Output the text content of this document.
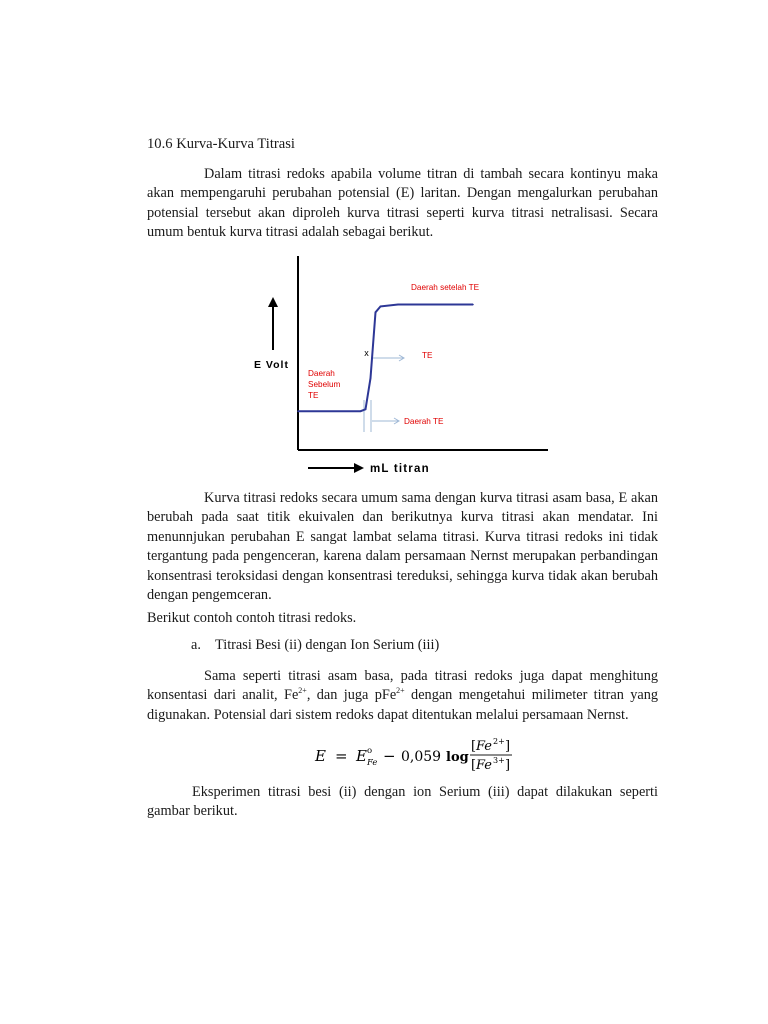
10.6 Kurva-Kurva Titrasi

Dalam titrasi redoks apabila volume titran di tambah secara kontinyu maka akan mempengaruhi perubahan potensial (E) laritan. Dengan mengalurkan perubahan potensial tersebut akan diproleh kurva titrasi seperti kurva titrasi netralisasi. Secara umum bentuk kurva titrasi adalah sebagai berikut.

E Volt
mL titran
x
Daerah setelah TE
TE
Daerah
Sebelum
TE
Daerah TE

Kurva titrasi redoks secara umum sama dengan kurva titrasi asam basa, E akan berubah pada saat titik ekuivalen dan berikutnya kurva titrasi akan mendatar. Ini menunnjukan perubahan E sangat lambat selama titrasi. Kurva titrasi redoks ini tidak tergantung pada pengenceran, karena dalam persamaan Nernst merupakan perbandingan konsentrasi teroksidasi dengan konsentrasi tereduksi, sehingga kurva tidak akan berubah dengan pengemceran.

Berikut contoh contoh titrasi redoks.

a. Titrasi Besi (ii) dengan Ion Serium (iii)

Sama seperti titrasi asam basa, pada titrasi redoks juga dapat menghitung konsentasi dari analit, $Fe^{2+}$, dan juga pFe$^{2+}$ dengan mengetahui milimeter titran yang digunakan. Potensial dari sistem redoks dapat ditentukan melalui persamaan Nernst.

E = E o
Fe − 0,059 log
[ Fe 2+ ]
[ Fe 3+ ]

Eksperimen titrasi besi (ii) dengan ion Serium (iii) dapat dilakukan seperti gambar berikut.
